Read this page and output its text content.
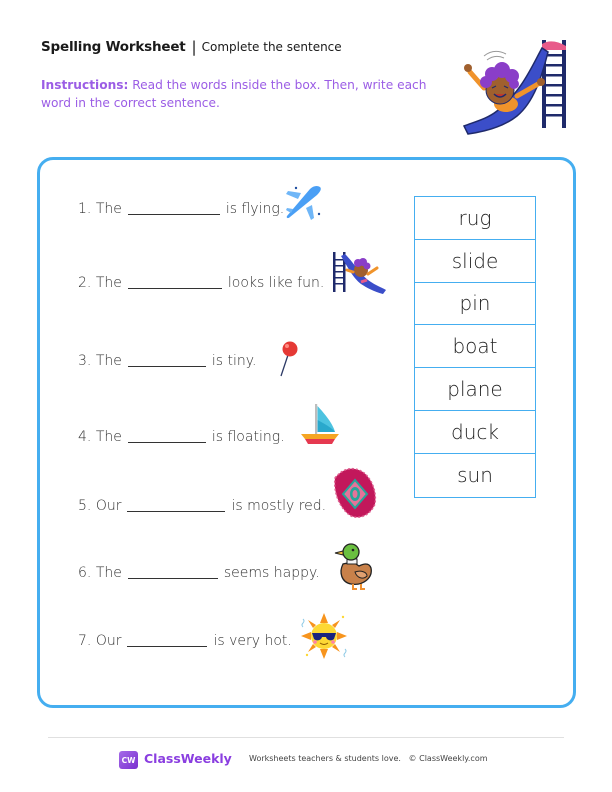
Spelling Worksheet | Complete the sentence
Instructions: Read the words inside the box. Then, write each word in the correct sentence.
1.
The	is flying.
2.
The	looks like fun.
3.
The	is tiny.
4.
The	is floating.
5.
Our	is mostly red.
6.
The	seems happy.
7.
Our	is very hot.
rug
slide
pin
boat
plane
duck
sun
CW ClassWeekly Worksheets teachers & students love.   © ClassWeekly.com
